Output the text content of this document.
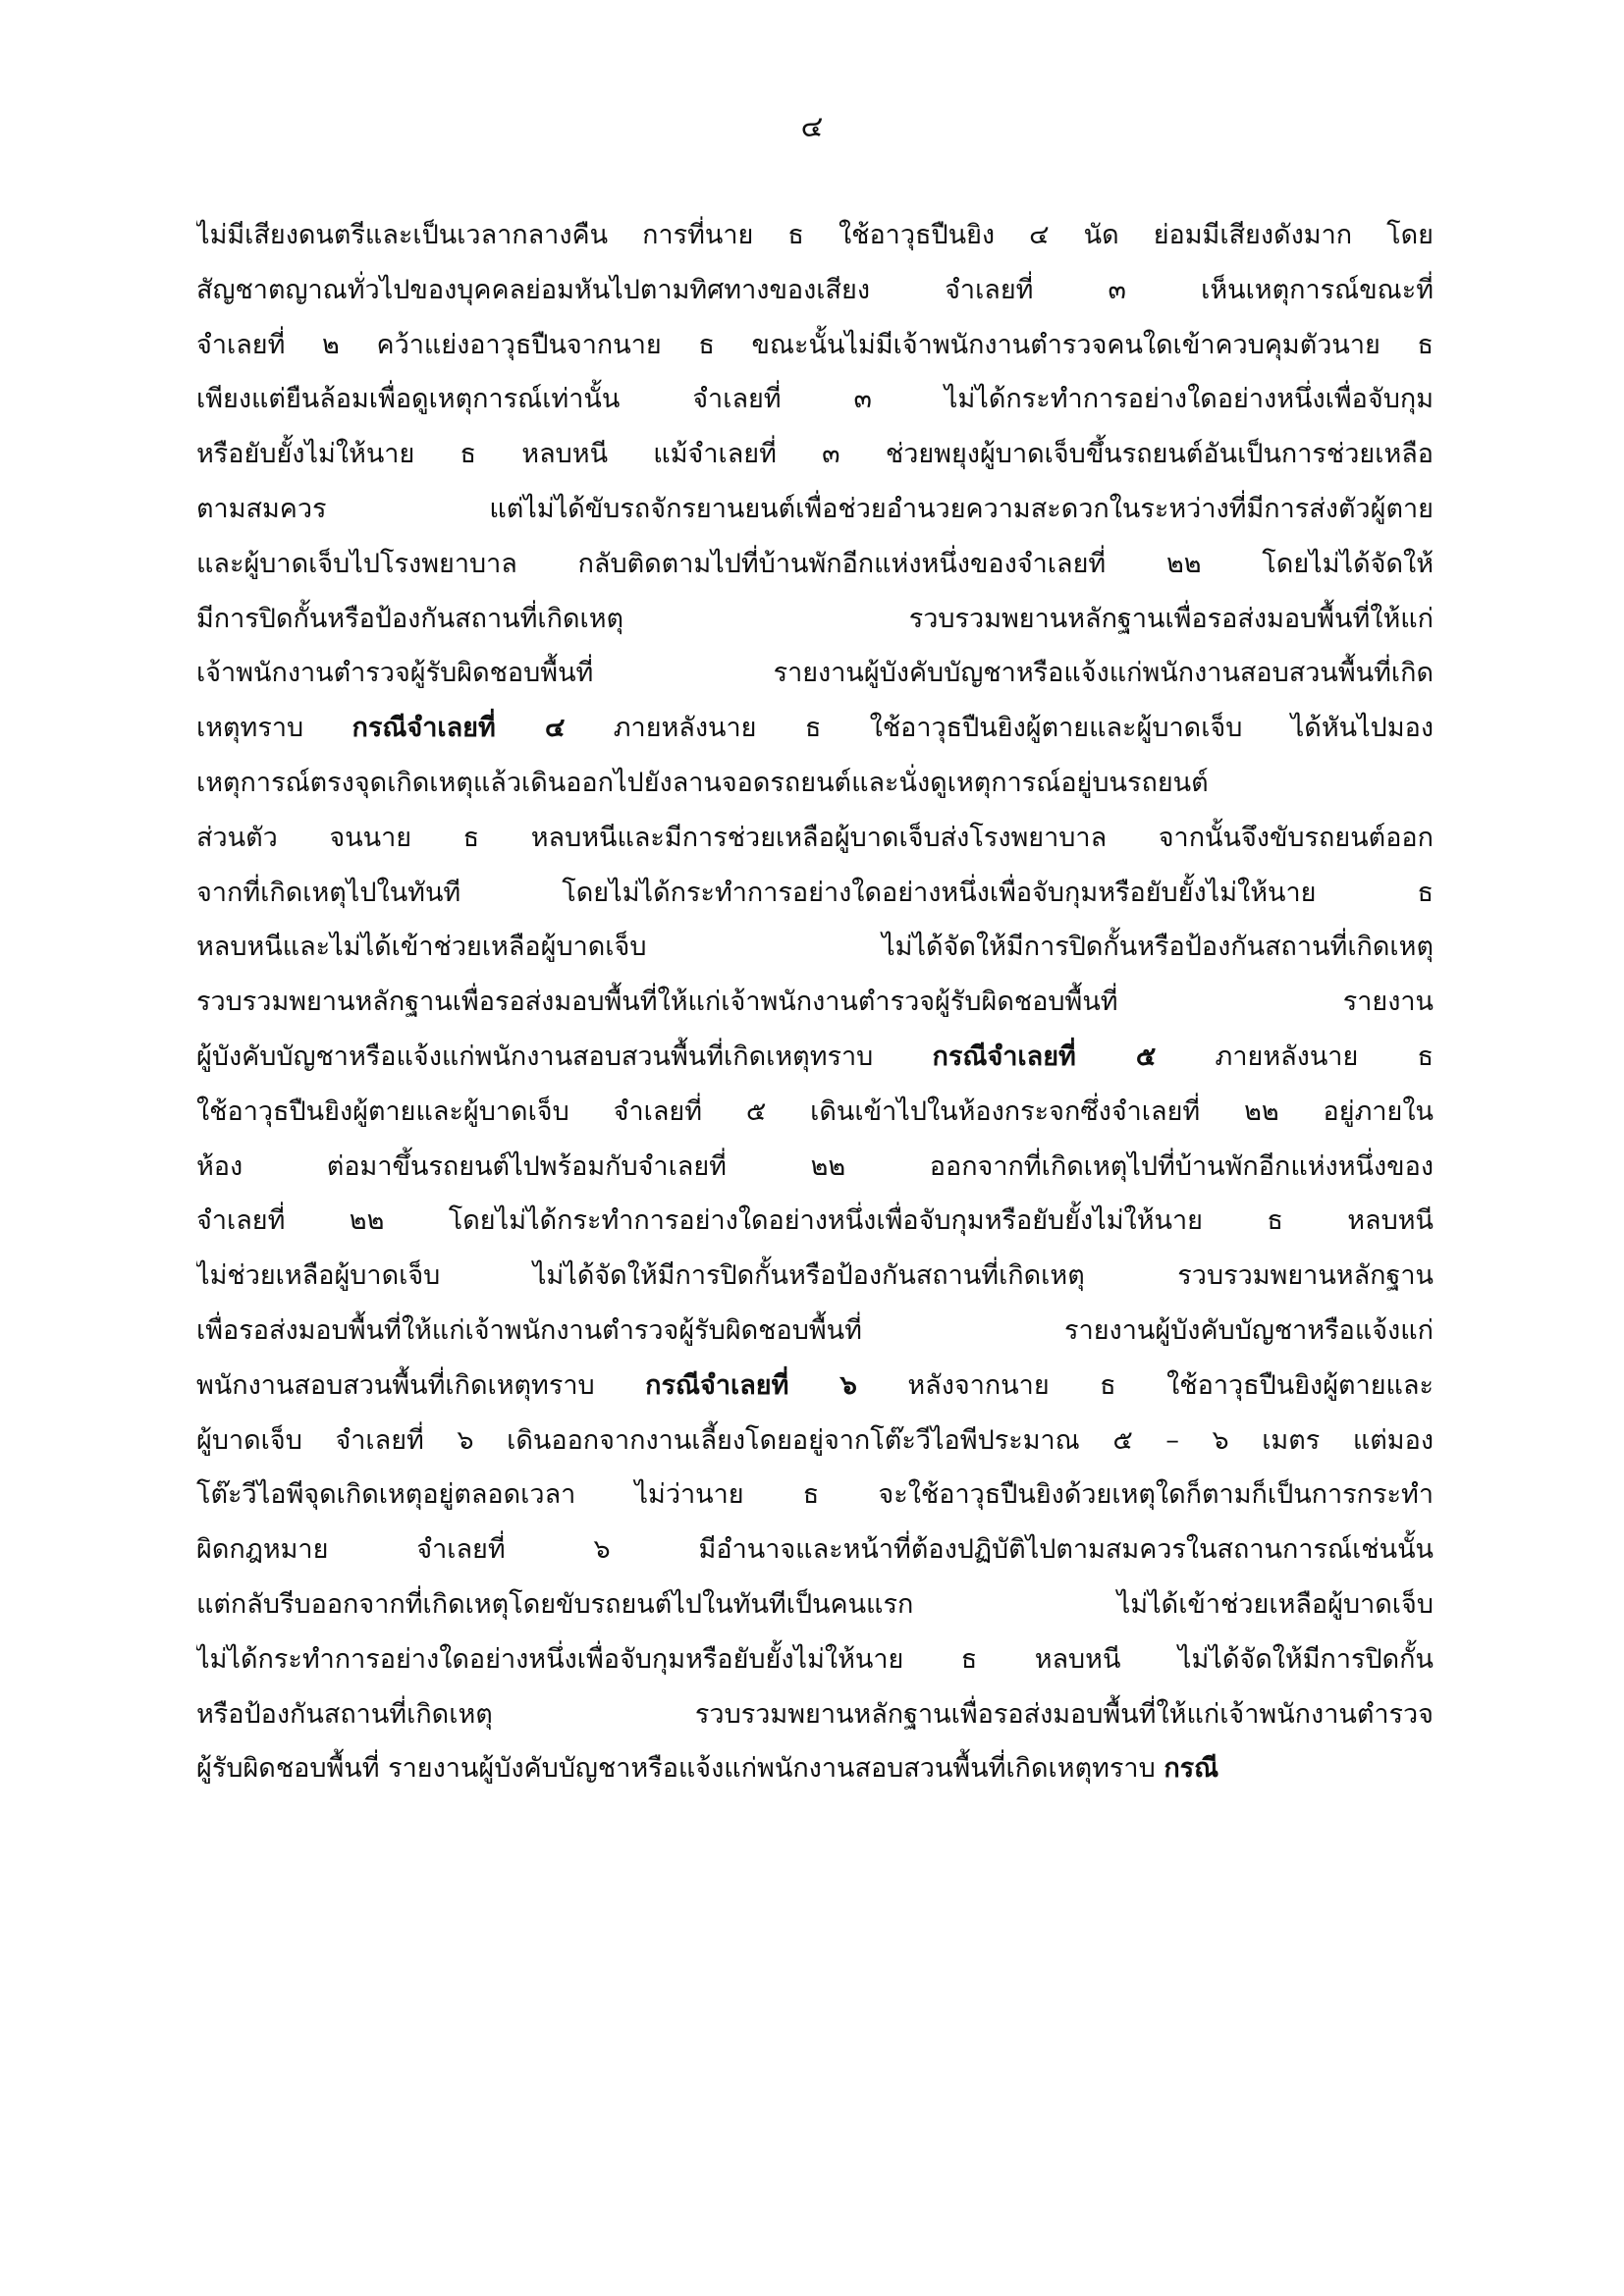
๔
ไม่มีเสียงดนตรีและเป็นเวลากลางคืน การที่นาย ธ ใช้อาวุธปืนยิง ๔ นัด ย่อมมีเสียงดังมาก โดย
สัญชาตญาณทั่วไปของบุคคลย่อมหันไปตามทิศทางของเสียง จำเลยที่ ๓ เห็นเหตุการณ์ขณะที่
จำเลยที่ ๒ คว้าแย่งอาวุธปืนจากนาย ธ ขณะนั้นไม่มีเจ้าพนักงานตำรวจคนใดเข้าควบคุมตัวนาย ธ
เพียงแต่ยืนล้อมเพื่อดูเหตุการณ์เท่านั้น จำเลยที่ ๓ ไม่ได้กระทำการอย่างใดอย่างหนึ่งเพื่อจับกุม
หรือยับยั้งไม่ให้นาย ธ หลบหนี แม้จำเลยที่ ๓ ช่วยพยุงผู้บาดเจ็บขึ้นรถยนต์อันเป็นการช่วยเหลือ
ตามสมควร แต่ไม่ได้ขับรถจักรยานยนต์เพื่อช่วยอำนวยความสะดวกในระหว่างที่มีการส่งตัวผู้ตาย
และผู้บาดเจ็บไปโรงพยาบาล กลับติดตามไปที่บ้านพักอีกแห่งหนึ่งของจำเลยที่ ๒๒ โดยไม่ได้จัดให้
มีการปิดกั้นหรือป้องกันสถานที่เกิดเหตุ รวบรวมพยานหลักฐานเพื่อรอส่งมอบพื้นที่ให้แก่
เจ้าพนักงานตำรวจผู้รับผิดชอบพื้นที่ รายงานผู้บังคับบัญชาหรือแจ้งแก่พนักงานสอบสวนพื้นที่เกิด
เหตุทราบ กรณีจำเลยที่ ๔ ภายหลังนาย ธ ใช้อาวุธปืนยิงผู้ตายและผู้บาดเจ็บ ได้หันไปมอง
เหตุการณ์ตรงจุดเกิดเหตุแล้วเดินออกไปยังลานจอดรถยนต์และนั่งดูเหตุการณ์อยู่บนรถยนต์
ส่วนตัว จนนาย ธ หลบหนีและมีการช่วยเหลือผู้บาดเจ็บส่งโรงพยาบาล จากนั้นจึงขับรถยนต์ออก
จากที่เกิดเหตุไปในทันที โดยไม่ได้กระทำการอย่างใดอย่างหนึ่งเพื่อจับกุมหรือยับยั้งไม่ให้นาย ธ
หลบหนีและไม่ได้เข้าช่วยเหลือผู้บาดเจ็บ ไม่ได้จัดให้มีการปิดกั้นหรือป้องกันสถานที่เกิดเหตุ
รวบรวมพยานหลักฐานเพื่อรอส่งมอบพื้นที่ให้แก่เจ้าพนักงานตำรวจผู้รับผิดชอบพื้นที่ รายงาน
ผู้บังคับบัญชาหรือแจ้งแก่พนักงานสอบสวนพื้นที่เกิดเหตุทราบ กรณีจำเลยที่ ๕ ภายหลังนาย ธ
ใช้อาวุธปืนยิงผู้ตายและผู้บาดเจ็บ จำเลยที่ ๕ เดินเข้าไปในห้องกระจกซึ่งจำเลยที่ ๒๒ อยู่ภายใน
ห้อง ต่อมาขึ้นรถยนต์ไปพร้อมกับจำเลยที่ ๒๒ ออกจากที่เกิดเหตุไปที่บ้านพักอีกแห่งหนึ่งของ
จำเลยที่ ๒๒ โดยไม่ได้กระทำการอย่างใดอย่างหนึ่งเพื่อจับกุมหรือยับยั้งไม่ให้นาย ธ หลบหนี
ไม่ช่วยเหลือผู้บาดเจ็บ ไม่ได้จัดให้มีการปิดกั้นหรือป้องกันสถานที่เกิดเหตุ รวบรวมพยานหลักฐาน
เพื่อรอส่งมอบพื้นที่ให้แก่เจ้าพนักงานตำรวจผู้รับผิดชอบพื้นที่ รายงานผู้บังคับบัญชาหรือแจ้งแก่
พนักงานสอบสวนพื้นที่เกิดเหตุทราบ กรณีจำเลยที่ ๖ หลังจากนาย ธ ใช้อาวุธปืนยิงผู้ตายและ
ผู้บาดเจ็บ จำเลยที่ ๖ เดินออกจากงานเลี้ยงโดยอยู่จากโต๊ะวีไอพีประมาณ ๕ – ๖ เมตร แต่มอง
โต๊ะวีไอพีจุดเกิดเหตุอยู่ตลอดเวลา ไม่ว่านาย ธ จะใช้อาวุธปืนยิงด้วยเหตุใดก็ตามก็เป็นการกระทำ
ผิดกฎหมาย จำเลยที่ ๖ มีอำนาจและหน้าที่ต้องปฏิบัติไปตามสมควรในสถานการณ์เช่นนั้น
แต่กลับรีบออกจากที่เกิดเหตุโดยขับรถยนต์ไปในทันทีเป็นคนแรก ไม่ได้เข้าช่วยเหลือผู้บาดเจ็บ
ไม่ได้กระทำการอย่างใดอย่างหนึ่งเพื่อจับกุมหรือยับยั้งไม่ให้นาย ธ หลบหนี ไม่ได้จัดให้มีการปิดกั้น
หรือป้องกันสถานที่เกิดเหตุ รวบรวมพยานหลักฐานเพื่อรอส่งมอบพื้นที่ให้แก่เจ้าพนักงานตำรวจ
ผู้รับผิดชอบพื้นที่ รายงานผู้บังคับบัญชาหรือแจ้งแก่พนักงานสอบสวนพื้นที่เกิดเหตุทราบ กรณี
